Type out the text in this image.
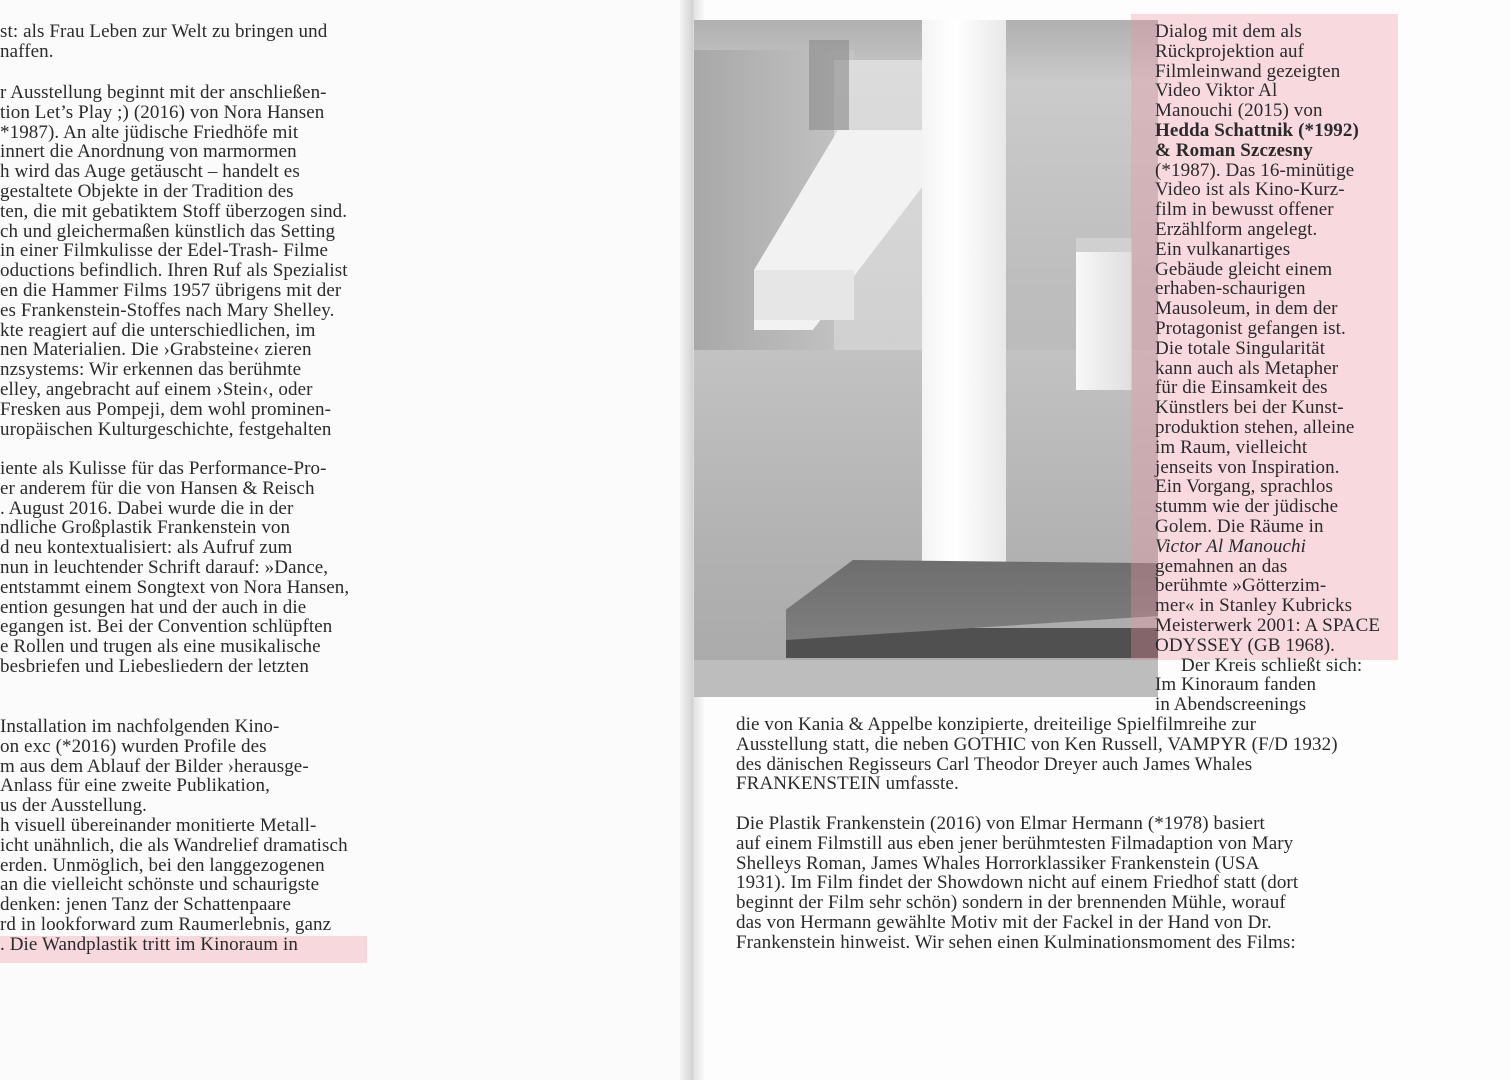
st: als Frau Leben zur Welt zu bringen und
naffen.
r Ausstellung beginnt mit der anschließen-
tion Let’s Play ;) (2016) von Nora Hansen
*1987). An alte jüdische Friedhöfe mit
innert die Anordnung von marmormen
h wird das Auge getäuscht – handelt es
gestaltete Objekte in der Tradition des
ten, die mit gebatiktem Stoff überzogen sind.
ch und gleichermaßen künstlich das Setting
in einer Filmkulisse der Edel-Trash- Filme
oductions befindlich. Ihren Ruf als Spezialist
en die Hammer Films 1957 übrigens mit der
es Frankenstein-Stoffes nach Mary Shelley.
kte reagiert auf die unterschiedlichen, im
nen Materialien. Die ›Grabsteine‹ zieren
nzsystems: Wir erkennen das berühmte
elley, angebracht auf einem ›Stein‹, oder
Fresken aus Pompeji, dem wohl prominen-
uropäischen Kulturgeschichte, festgehalten
iente als Kulisse für das Performance-Pro-
er anderem für die von Hansen & Reisch
. August 2016. Dabei wurde die in der
ndliche Großplastik Frankenstein von
d neu kontextualisiert: als Aufruf zum
nun in leuchtender Schrift darauf: »Dance,
entstammt einem Songtext von Nora Hansen,
ention gesungen hat und der auch in die
egangen ist. Bei der Convention schlüpften
e Rollen und trugen als eine musikalische
besbriefen und Liebesliedern der letzten
Installation im nachfolgenden Kino-
on exc (*2016) wurden Profile des
m aus dem Ablauf der Bilder ›herausge-
Anlass für eine zweite Publikation,
us der Ausstellung.
h visuell übereinander monitierte Metall-
icht unähnlich, die als Wandrelief dramatisch
erden. Unmöglich, bei den langgezogenen
an die vielleicht schönste und schaurigste
denken: jenen Tanz der Schattenpaare
rd in lookforward zum Raumerlebnis, ganz
. Die Wandplastik tritt im Kinoraum in
Dialog mit dem als
Rückprojektion auf
Filmleinwand gezeigten
Video Viktor Al
Manouchi (2015) von
Hedda Schattnik (*1992)
& Roman Szczesny
(*1987). Das 16-minütige
Video ist als Kino-Kurz-
film in bewusst offener
Erzählform angelegt.
Ein vulkanartiges
Gebäude gleicht einem
erhaben-schaurigen
Mausoleum, in dem der
Protagonist gefangen ist.
Die totale Singularität
kann auch als Metapher
für die Einsamkeit des
Künstlers bei der Kunst-
produktion stehen, alleine
im Raum, vielleicht
jenseits von Inspiration.
Ein Vorgang, sprachlos
stumm wie der jüdische
Golem. Die Räume in
Victor Al Manouchi
gemahnen an das
berühmte »Götterzim-
mer« in Stanley Kubricks
Meisterwerk 2001: A SPACE
ODYSSEY (GB 1968).
Der Kreis schließt sich:
Im Kinoraum fanden
in Abendscreenings
die von Kania & Appelbe konzipierte, dreiteilige Spielfilmreihe zur
Ausstellung statt, die neben GOTHIC von Ken Russell, VAMPYR (F/D 1932)
des dänischen Regisseurs Carl Theodor Dreyer auch James Whales
FRANKENSTEIN umfasste.
Die Plastik Frankenstein (2016) von Elmar Hermann (*1978) basiert
auf einem Filmstill aus eben jener berühmtesten Filmadaption von Mary
Shelleys Roman, James Whales Horrorklassiker Frankenstein (USA
1931). Im Film findet der Showdown nicht auf einem Friedhof statt (dort
beginnt der Film sehr schön) sondern in der brennenden Mühle, worauf
das von Hermann gewählte Motiv mit der Fackel in der Hand von Dr.
Frankenstein hinweist. Wir sehen einen Kulminationsmoment des Films:
